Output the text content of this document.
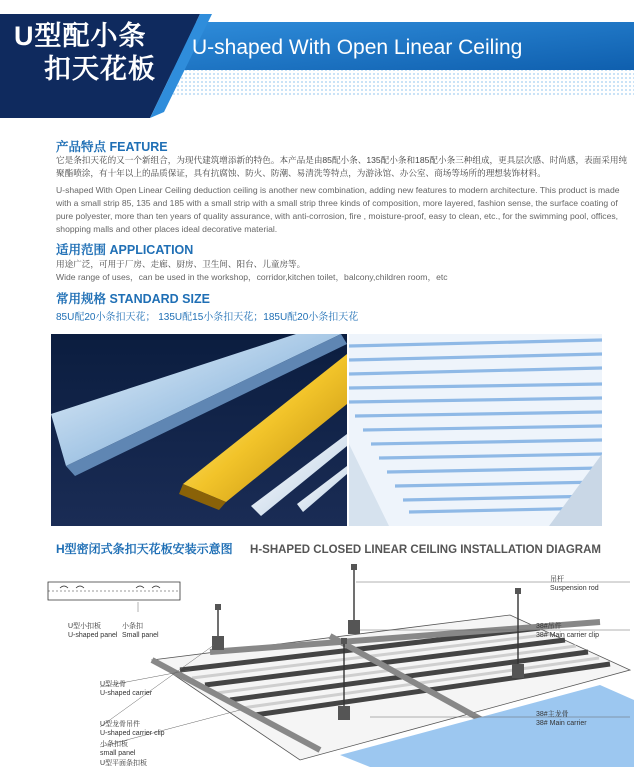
U型配小条
扣天花板
U-shaped With Open Linear Ceiling
产品特点 FEATURE
它是条扣天花的又一个新组合，为现代建筑增添新的特色。本产品是由85配小条、135配小条和185配小条三种组成，更具层次感、时尚感，表面采用纯聚酯喷涂，有十年以上的品质保证，具有抗腐蚀、防火、防潮、易清洗等特点，为游泳馆、办公室、商场等场所的理想装饰材料。
U-shaped With Open Linear Ceiling deduction ceiling is another new combination, adding new features to modern architecture. This product is made with a small strip 85, 135 and 185 with a small strip with a small strip three kinds of composition, more layered, fashion sense, the surface coating of pure polyester, more than ten years of quality assurance, with anti-corrosion, fire , moisture-proof, easy to clean, etc., for the swimming pool, offices, shopping malls and other places ideal decorative material.
适用范围 APPLICATION
用途广泛，可用于厂房、走廊、厨房、卫生间、阳台、儿童房等。
Wide range of uses，can be used in the workshop，corridor,kitchen toilet，balcony,children room，etc
常用规格 STANDARD SIZE
85U配20小条扣天花； 135U配15小条扣天花；185U配20小条扣天花
H型密闭式条扣天花板安装示意图 H-SHAPED CLOSED LINEAR CEILING INSTALLATION DIAGRAM
U型小扣板
U-shaped panel
小条扣
Small panel
吊杆
Suspension rod
38#吊件
38# Main carrier clip
U型龙骨
U-shaped carrier
U型龙骨吊件
U-shaped carrier clip
小条扣板
small panel
U型平面条扣板
38#主龙骨
38# Main carrier
